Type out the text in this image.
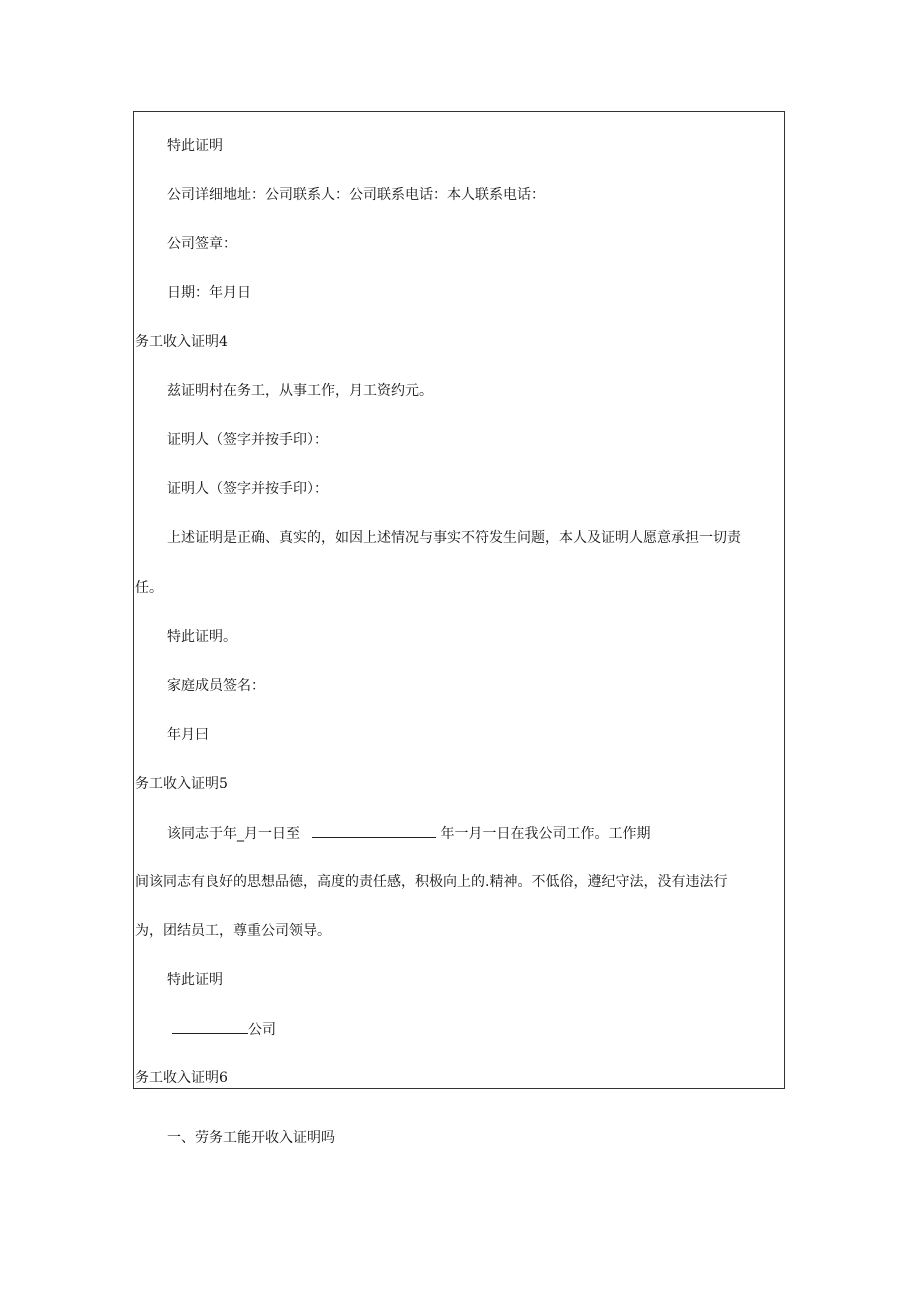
特此证明
公司详细地址：公司联系人：公司联系电话：本人联系电话：
公司签章：
日期：年月日
务工收入证明4
兹证明村在务工，从事工作，月工资约元。
证明人（签字并按手印）：
证明人（签字并按手印）：
上述证明是正确、真实的，如因上述情况与事实不符发生问题，本人及证明人愿意承担一切责
任。
特此证明。
家庭成员签名：
年月曰
务工收入证明5
该同志于年_月一日至	年一月一日在我公司工作。工作期
间该同志有良好的思想品德，高度的责任感，积极向上的.精神。不低俗，遵纪守法，没有违法行
为，团结员工，尊重公司领导。
特此证明
公司
务工收入证明6
一、劳务工能开收入证明吗
